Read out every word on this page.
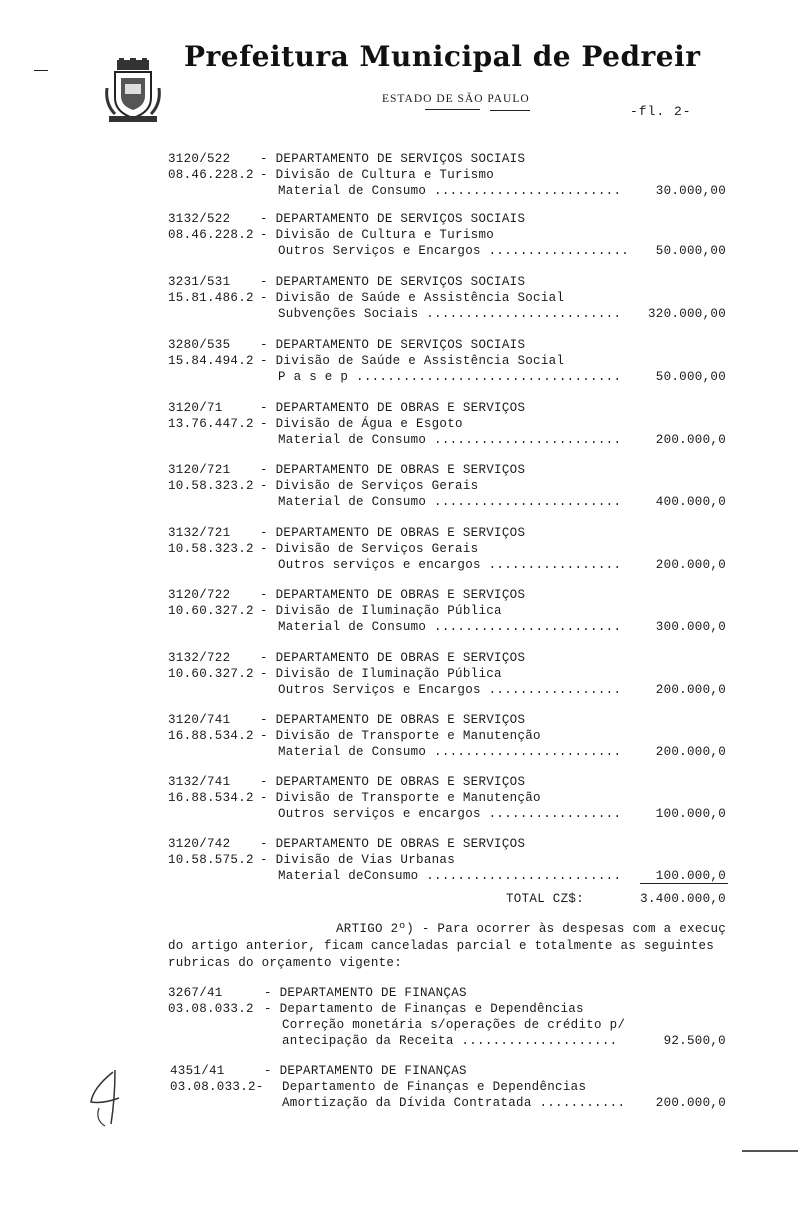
Prefeitura Municipal de Pedreir
ESTADO DE SÃO PAULO
-fl. 2-
3120/522 - DEPARTAMENTO DE SERVIÇOS SOCIAIS
08.46.228.2 - Divisão de Cultura e Turismo
Material de Consumo ........................	30.000,00
3132/522 - DEPARTAMENTO DE SERVIÇOS SOCIAIS
08.46.228.2 - Divisão de Cultura e Turismo
Outros Serviços e Encargos ..................	50.000,00
3231/531 - DEPARTAMENTO DE SERVIÇOS SOCIAIS
15.81.486.2 - Divisão de Saúde e Assistência Social
Subvenções Sociais .........................	320.000,00
3280/535 - DEPARTAMENTO DE SERVIÇOS SOCIAIS
15.84.494.2 - Divisão de Saúde e Assistência Social
P a s e p ..................................	50.000,00
3120/71	- DEPARTAMENTO DE OBRAS E SERVIÇOS
13.76.447.2 - Divisão de Água e Esgoto
Material de Consumo ........................	200.000,0
3120/721 - DEPARTAMENTO DE OBRAS E SERVIÇOS
10.58.323.2 - Divisão de Serviços Gerais
Material de Consumo ........................	400.000,0
3132/721 - DEPARTAMENTO DE OBRAS E SERVIÇOS
10.58.323.2 - Divisão de Serviços Gerais
Outros serviços e encargos .................	200.000,0
3120/722 - DEPARTAMENTO DE OBRAS E SERVIÇOS
10.60.327.2 - Divisão de Iluminação Pública
Material de Consumo ........................	300.000,0
3132/722 - DEPARTAMENTO DE OBRAS E SERVIÇOS
10.60.327.2 - Divisão de Iluminação Pública
Outros Serviços e Encargos .................	200.000,0
3120/741 - DEPARTAMENTO DE OBRAS E SERVIÇOS
16.88.534.2 - Divisão de Transporte e Manutenção
Material de Consumo ........................	200.000,0
3132/741 - DEPARTAMENTO DE OBRAS E SERVIÇOS
16.88.534.2 - Divisão de Transporte e Manutenção
Outros serviços e encargos .................	100.000,0
3120/742 - DEPARTAMENTO DE OBRAS E SERVIÇOS
10.58.575.2 - Divisão de Vias Urbanas
Material deConsumo .........................	100.000,0
TOTAL CZ$:	3.400.000,0
ARTIGO 2º) - Para ocorrer às despesas com a execuç
do artigo anterior, ficam canceladas parcial e totalmente as seguintes
rubricas do orçamento vigente:
3267/41	- DEPARTAMENTO DE FINANÇAS
03.08.033.2 - Departamento de Finanças e Dependências
Correção monetária s/operações de crédito p/
antecipação da Receita ....................	92.500,0
4351/41	- DEPARTAMENTO DE FINANÇAS
03.08.033.2- Departamento de Finanças e Dependências
Amortização da Dívida Contratada ...........	200.000,0
